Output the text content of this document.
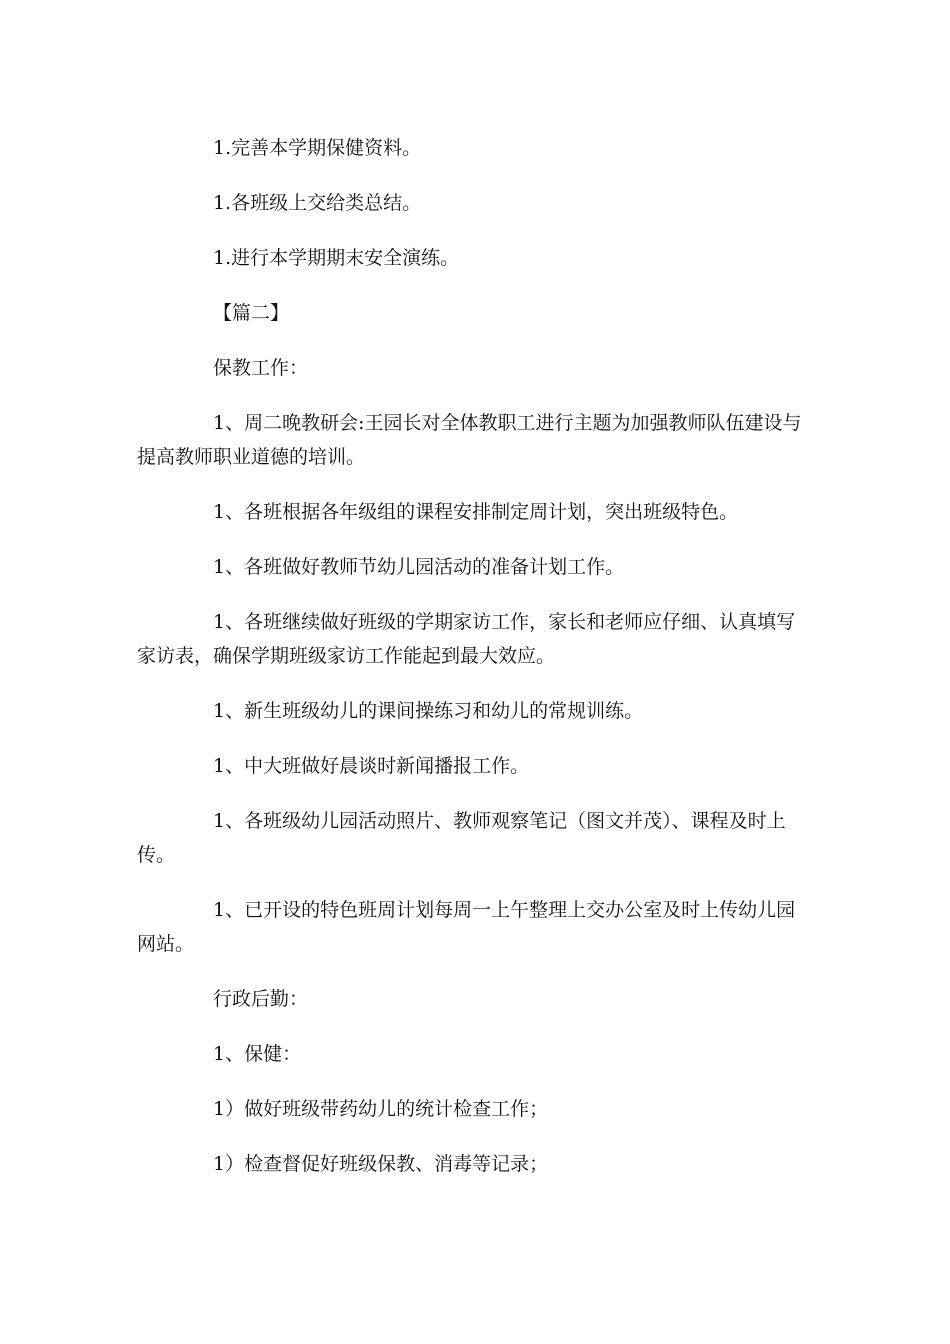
1.完善本学期保健资料。

1.各班级上交给类总结。

1.进行本学期期末安全演练。

【篇二】

保教工作：

1、周二晚教研会:王园长对全体教职工进行主题为加强教师队伍建设与提高教师职业道德的培训。

1、各班根据各年级组的课程安排制定周计划，突出班级特色。

1、各班做好教师节幼儿园活动的准备计划工作。

1、各班继续做好班级的学期家访工作，家长和老师应仔细、认真填写家访表，确保学期班级家访工作能起到最大效应。

1、新生班级幼儿的课间操练习和幼儿的常规训练。

1、中大班做好晨谈时新闻播报工作。

1、各班级幼儿园活动照片、教师观察笔记（图文并茂）、课程及时上传。

1、已开设的特色班周计划每周一上午整理上交办公室及时上传幼儿园网站。

行政后勤：

1、保健：

1）做好班级带药幼儿的统计检查工作；

1）检查督促好班级保教、消毒等记录；
